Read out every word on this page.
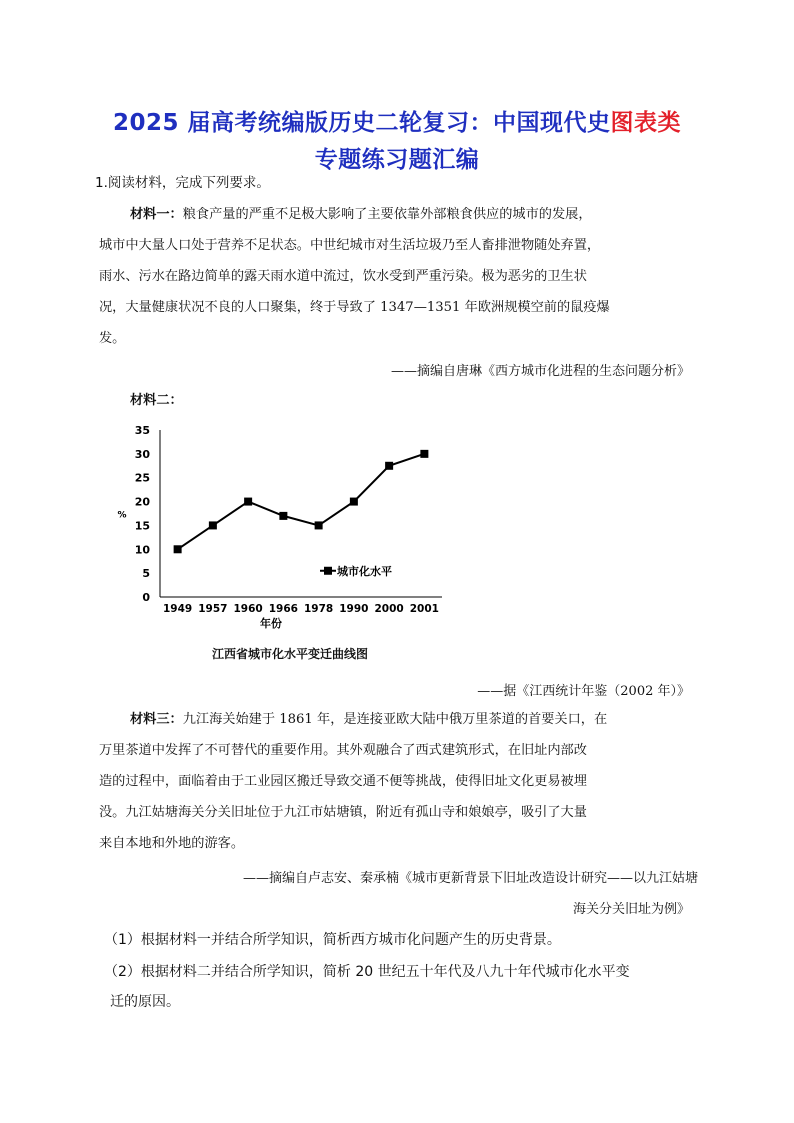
2025 届高考统编版历史二轮复习：中国现代史图表类
专题练习题汇编
1.阅读材料，完成下列要求。
材料一：粮食产量的严重不足极大影响了主要依靠外部粮食供应的城市的发展，
城市中大量人口处于营养不足状态。中世纪城市对生活垃圾乃至人畜排泄物随处弃置，
雨水、污水在路边简单的露天雨水道中流过，饮水受到严重污染。极为恶劣的卫生状
况，大量健康状况不良的人口聚集，终于导致了 1347—1351 年欧洲规模空前的鼠疫爆
发。
——摘编自唐琳《西方城市化进程的生态问题分析》
材料二：
0
5
10
15
20
25
30
35
1949 1957 1960 1966 1978 1990 2000 2001
年份
%
城市化水平
江西省城市化水平变迁曲线图
——据《江西统计年鉴（2002 年）》
材料三：九江海关始建于 1861 年，是连接亚欧大陆中俄万里茶道的首要关口，在
万里茶道中发挥了不可替代的重要作用。其外观融合了西式建筑形式，在旧址内部改
造的过程中，面临着由于工业园区搬迁导致交通不便等挑战，使得旧址文化更易被埋
没。九江姑塘海关分关旧址位于九江市姑塘镇，附近有孤山寺和娘娘亭，吸引了大量
来自本地和外地的游客。
——摘编自卢志安、秦承楠《城市更新背景下旧址改造设计研究——以九江姑塘
海关分关旧址为例》
（1）根据材料一并结合所学知识，简析西方城市化问题产生的历史背景。
（2）根据材料二并结合所学知识，简析 20 世纪五十年代及八九十年代城市化水平变
迁的原因。
